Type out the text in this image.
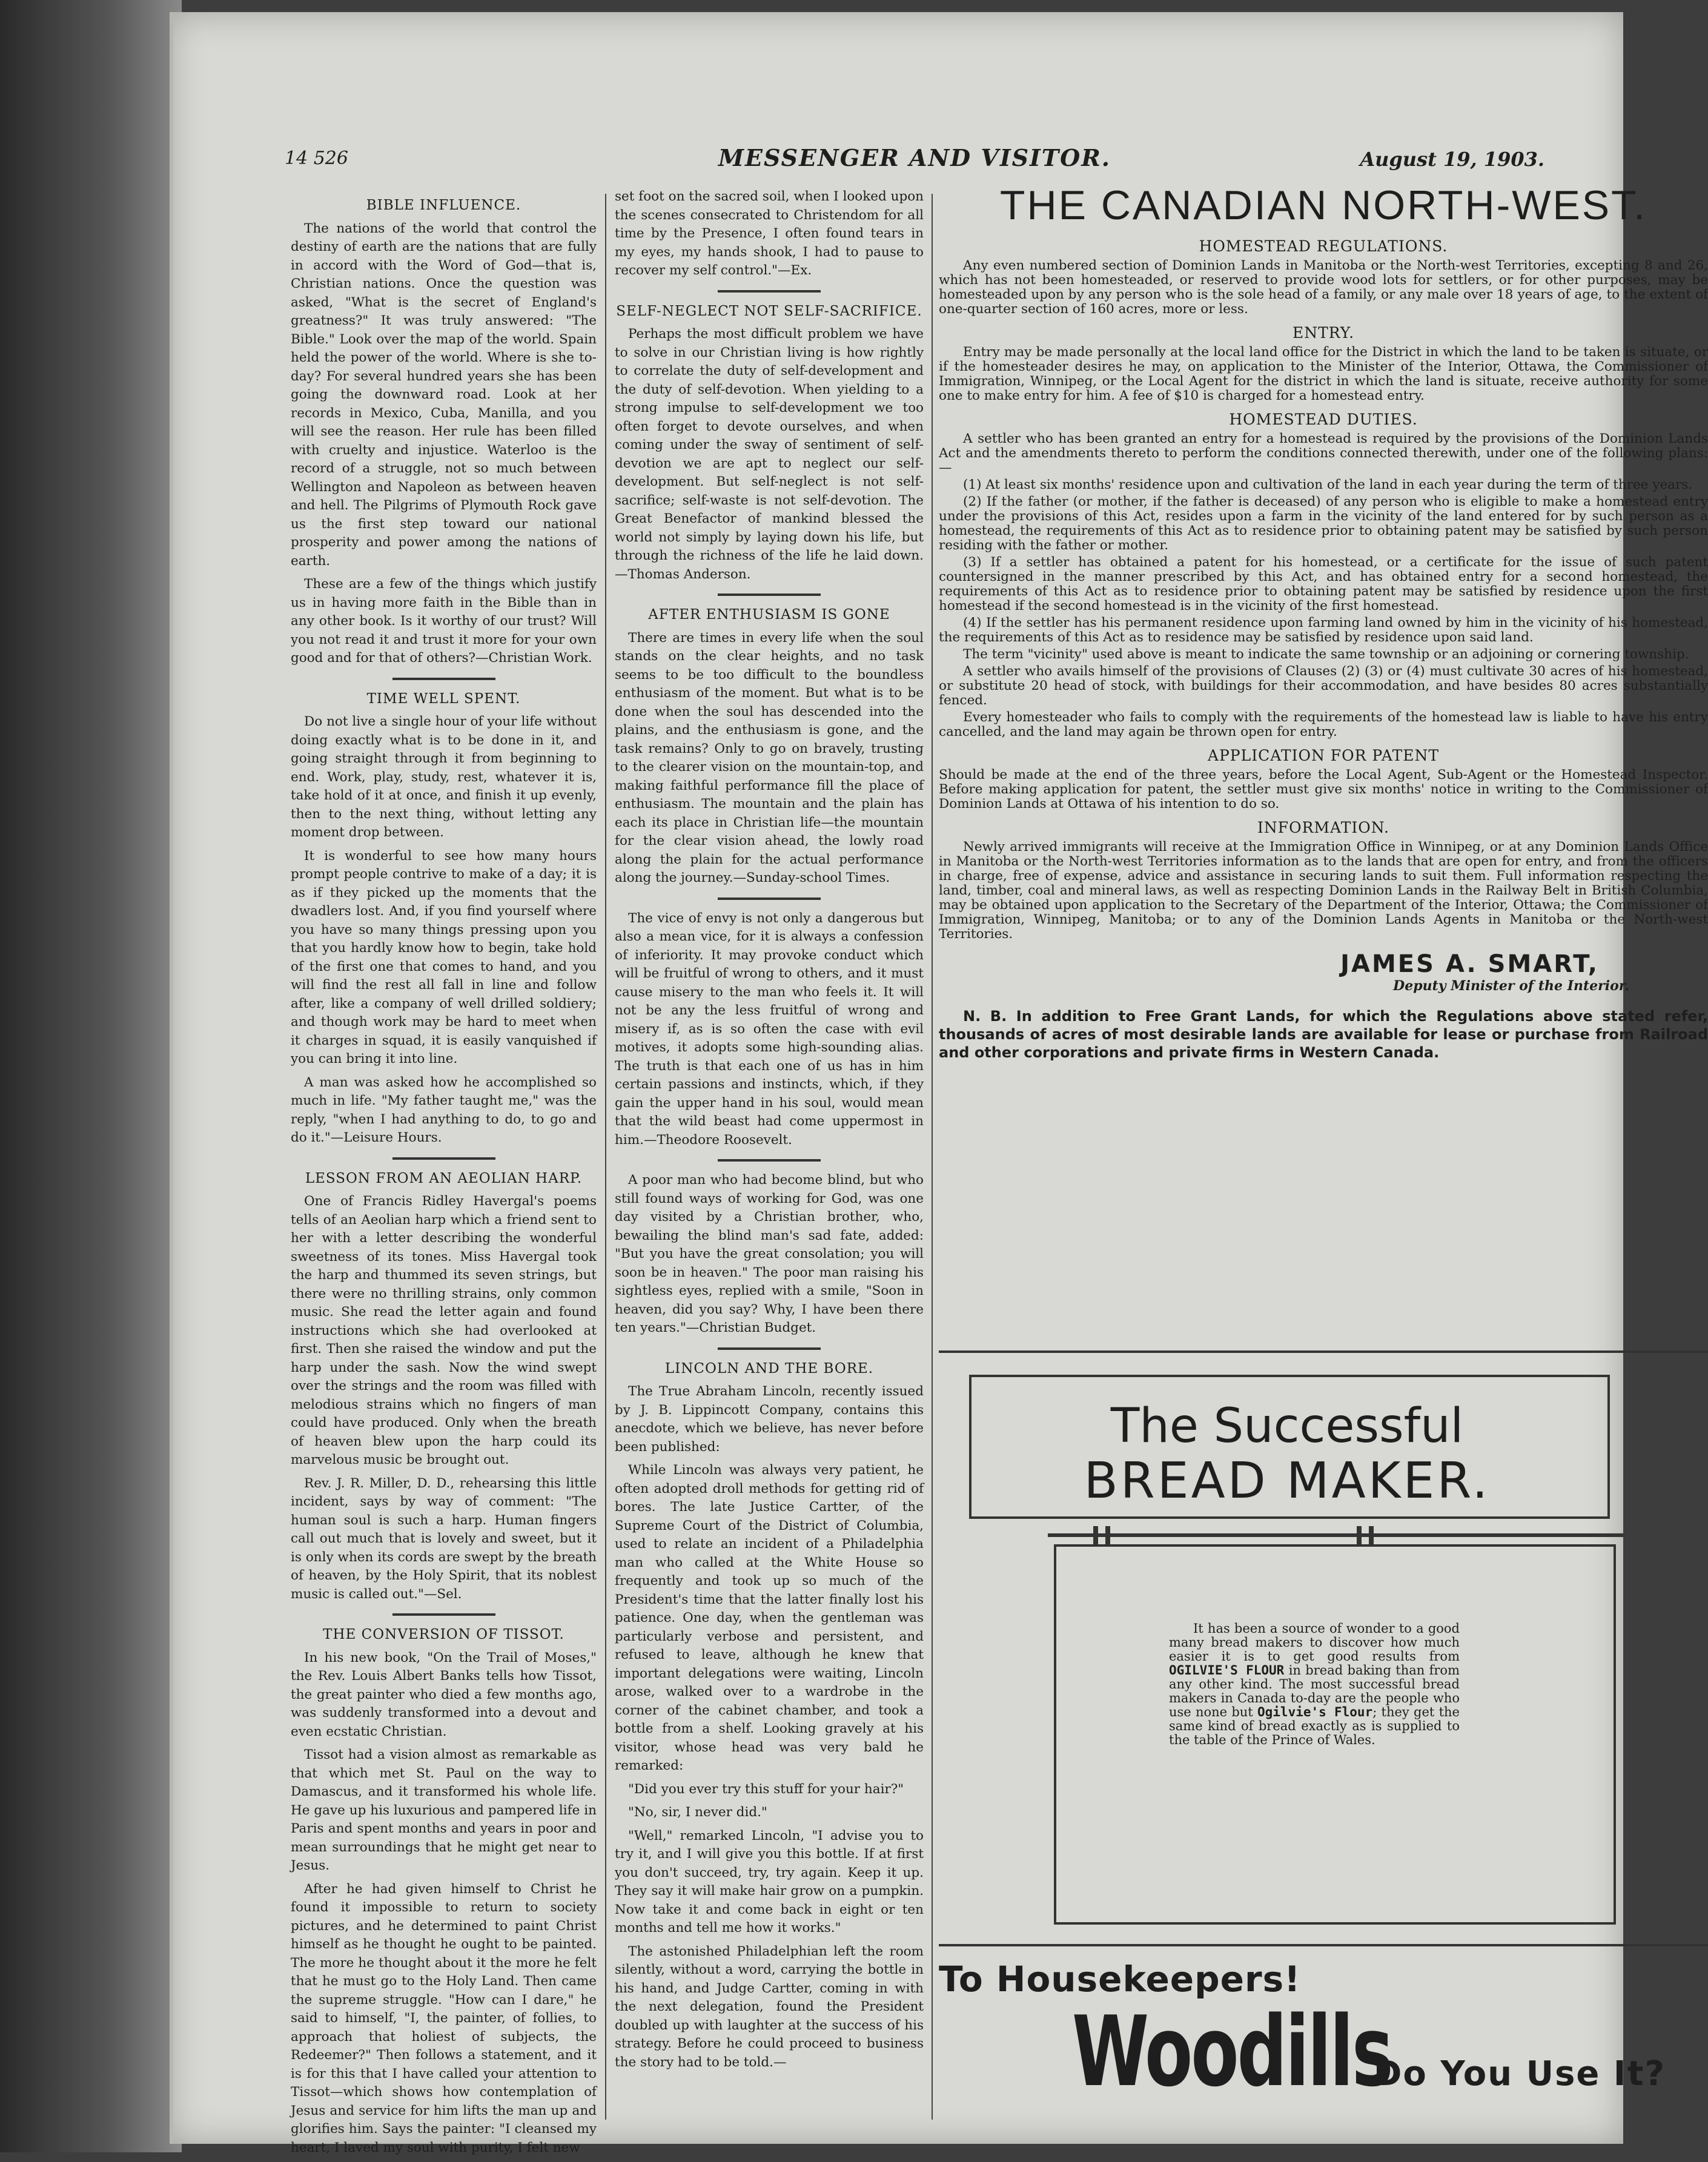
14 526	MESSENGER AND VISITOR.	August 19, 1903.
BIBLE INFLUENCE.

The nations of the world that control the destiny of earth are the nations that are fully in accord with the Word of God—that is, Christian nations. Once the question was asked, "What is the secret of England's greatness?" It was truly answered: "The Bible." Look over the map of the world. Spain held the power of the world. Where is she to-day? For several hundred years she has been going the downward road. Look at her records in Mexico, Cuba, Manilla, and you will see the reason. Her rule has been filled with cruelty and injustice. Waterloo is the record of a struggle, not so much between Wellington and Napoleon as between heaven and hell. The Pilgrims of Plymouth Rock gave us the first step toward our national prosperity and power among the nations of earth.

These are a few of the things which justify us in having more faith in the Bible than in any other book. Is it worthy of our trust? Will you not read it and trust it more for your own good and for that of others?—Christian Work.

TIME WELL SPENT.

Do not live a single hour of your life without doing exactly what is to be done in it, and going straight through it from beginning to end. Work, play, study, rest, whatever it is, take hold of it at once, and finish it up evenly, then to the next thing, without letting any moment drop between.

It is wonderful to see how many hours prompt people contrive to make of a day; it is as if they picked up the moments that the dwadlers lost. And, if you find yourself where you have so many things pressing upon you that you hardly know how to begin, take hold of the first one that comes to hand, and you will find the rest all fall in line and follow after, like a company of well drilled soldiery; and though work may be hard to meet when it charges in squad, it is easily vanquished if you can bring it into line.

A man was asked how he accomplished so much in life. "My father taught me," was the reply, "when I had anything to do, to go and do it."—Leisure Hours.

LESSON FROM AN AEOLIAN HARP.

One of Francis Ridley Havergal's poems tells of an Aeolian harp which a friend sent to her with a letter describing the wonderful sweetness of its tones. Miss Havergal took the harp and thummed its seven strings, but there were no thrilling strains, only common music. She read the letter again and found instructions which she had overlooked at first. Then she raised the window and put the harp under the sash. Now the wind swept over the strings and the room was filled with melodious strains which no fingers of man could have produced. Only when the breath of heaven blew upon the harp could its marvelous music be brought out.

Rev. J. R. Miller, D. D., rehearsing this little incident, says by way of comment: "The human soul is such a harp. Human fingers call out much that is lovely and sweet, but it is only when its cords are swept by the breath of heaven, by the Holy Spirit, that its noblest music is called out."—Sel.

THE CONVERSION OF TISSOT.

In his new book, "On the Trail of Moses," the Rev. Louis Albert Banks tells how Tissot, the great painter who died a few months ago, was suddenly transformed into a devout and even ecstatic Christian.

Tissot had a vision almost as remarkable as that which met St. Paul on the way to Damascus, and it transformed his whole life. He gave up his luxurious and pampered life in Paris and spent months and years in poor and mean surroundings that he might get near to Jesus.

After he had given himself to Christ he found it impossible to return to society pictures, and he determined to paint Christ himself as he thought he ought to be painted. The more he thought about it the more he felt that he must go to the Holy Land. Then came the supreme struggle. "How can I dare," he said to himself, "I, the painter, of follies, to approach that holiest of subjects, the Redeemer?" Then follows a statement, and it is for this that I have called your attention to Tissot—which shows how contemplation of Jesus and service for him lifts the man up and glorifies him. Says the painter: "I cleansed my heart, I laved my soul with purity, I felt new

set foot on the sacred soil, when I looked upon the scenes consecrated to Christendom for all time by the Presence, I often found tears in my eyes, my hands shook, I had to pause to recover my self control."—Ex.

SELF-NEGLECT NOT SELF-SACRIFICE.

Perhaps the most difficult problem we have to solve in our Christian living is how rightly to correlate the duty of self-development and the duty of self-devotion. When yielding to a strong impulse to self-development we too often forget to devote ourselves, and when coming under the sway of sentiment of self-devotion we are apt to neglect our self-development. But self-neglect is not self-sacrifice; self-waste is not self-devotion. The Great Benefactor of mankind blessed the world not simply by laying down his life, but through the richness of the life he laid down.—Thomas Anderson.

AFTER ENTHUSIASM IS GONE

There are times in every life when the soul stands on the clear heights, and no task seems to be too difficult to the boundless enthusiasm of the moment. But what is to be done when the soul has descended into the plains, and the enthusiasm is gone, and the task remains? Only to go on bravely, trusting to the clearer vision on the mountain-top, and making faithful performance fill the place of enthusiasm. The mountain and the plain has each its place in Christian life—the mountain for the clear vision ahead, the lowly road along the plain for the actual performance along the journey.—Sunday-school Times.

The vice of envy is not only a dangerous but also a mean vice, for it is always a confession of inferiority. It may provoke conduct which will be fruitful of wrong to others, and it must cause misery to the man who feels it. It will not be any the less fruitful of wrong and misery if, as is so often the case with evil motives, it adopts some high-sounding alias. The truth is that each one of us has in him certain passions and instincts, which, if they gain the upper hand in his soul, would mean that the wild beast had come uppermost in him.—Theodore Roosevelt.

A poor man who had become blind, but who still found ways of working for God, was one day visited by a Christian brother, who, bewailing the blind man's sad fate, added: "But you have the great consolation; you will soon be in heaven." The poor man raising his sightless eyes, replied with a smile, "Soon in heaven, did you say? Why, I have been there ten years."—Christian Budget.

LINCOLN AND THE BORE.

The True Abraham Lincoln, recently issued by J. B. Lippincott Company, contains this anecdote, which we believe, has never before been published:

While Lincoln was always very patient, he often adopted droll methods for getting rid of bores. The late Justice Cartter, of the Supreme Court of the District of Columbia, used to relate an incident of a Philadelphia man who called at the White House so frequently and took up so much of the President's time that the latter finally lost his patience. One day, when the gentleman was particularly verbose and persistent, and refused to leave, although he knew that important delegations were waiting, Lincoln arose, walked over to a wardrobe in the corner of the cabinet chamber, and took a bottle from a shelf. Looking gravely at his visitor, whose head was very bald he remarked:

"Did you ever try this stuff for your hair?"

"No, sir, I never did."

"Well," remarked Lincoln, "I advise you to try it, and I will give you this bottle. If at first you don't succeed, try, try again. Keep it up. They say it will make hair grow on a pumpkin. Now take it and come back in eight or ten months and tell me how it works."

The astonished Philadelphian left the room silently, without a word, carrying the bottle in his hand, and Judge Cartter, coming in with the next delegation, found the President doubled up with laughter at the success of his strategy. Before he could proceed to business the story had to be told.—

THE CANADIAN NORTH-WEST.
HOMESTEAD REGULATIONS.

Any even numbered section of Dominion Lands in Manitoba or the North-west Territories, excepting 8 and 26, which has not been homesteaded, or reserved to provide wood lots for settlers, or for other purposes, may be homesteaded upon by any person who is the sole head of a family, or any male over 18 years of age, to the extent of one-quarter section of 160 acres, more or less.

ENTRY.

Entry may be made personally at the local land office for the District in which the land to be taken is situate, or if the homesteader desires he may, on application to the Minister of the Interior, Ottawa, the Commissioner of Immigration, Winnipeg, or the Local Agent for the district in which the land is situate, receive authority for some one to make entry for him. A fee of $10 is charged for a homestead entry.

HOMESTEAD DUTIES.

A settler who has been granted an entry for a homestead is required by the provisions of the Dominion Lands Act and the amendments thereto to perform the conditions connected therewith, under one of the following plans:—

(1) At least six months' residence upon and cultivation of the land in each year during the term of three years.

(2) If the father (or mother, if the father is deceased) of any person who is eligible to make a homestead entry under the provisions of this Act, resides upon a farm in the vicinity of the land entered for by such person as a homestead, the requirements of this Act as to residence prior to obtaining patent may be satisfied by such person residing with the father or mother.

(3) If a settler has obtained a patent for his homestead, or a certificate for the issue of such patent countersigned in the manner prescribed by this Act, and has obtained entry for a second homestead, the requirements of this Act as to residence prior to obtaining patent may be satisfied by residence upon the first homestead if the second homestead is in the vicinity of the first homestead.

(4) If the settler has his permanent residence upon farming land owned by him in the vicinity of his homestead, the requirements of this Act as to residence may be satisfied by residence upon said land.

The term "vicinity" used above is meant to indicate the same township or an adjoining or cornering township.

A settler who avails himself of the provisions of Clauses (2) (3) or (4) must cultivate 30 acres of his homestead, or substitute 20 head of stock, with buildings for their accommodation, and have besides 80 acres substantially fenced.

Every homesteader who fails to comply with the requirements of the homestead law is liable to have his entry cancelled, and the land may again be thrown open for entry.

APPLICATION FOR PATENT

Should be made at the end of the three years, before the Local Agent, Sub-Agent or the Homestead Inspector. Before making application for patent, the settler must give six months' notice in writing to the Commissioner of Dominion Lands at Ottawa of his intention to do so.

INFORMATION.

Newly arrived immigrants will receive at the Immigration Office in Winnipeg, or at any Dominion Lands Office in Manitoba or the North-west Territories information as to the lands that are open for entry, and from the officers in charge, free of expense, advice and assistance in securing lands to suit them. Full information respecting the land, timber, coal and mineral laws, as well as respecting Dominion Lands in the Railway Belt in British Columbia, may be obtained upon application to the Secretary of the Department of the Interior, Ottawa; the Commissioner of Immigration, Winnipeg, Manitoba; or to any of the Dominion Lands Agents in Manitoba or the North-west Territories.

JAMES A. SMART,
Deputy Minister of the Interior.

N. B. In addition to Free Grant Lands, for which the Regulations above stated refer, thousands of acres of most desirable lands are available for lease or purchase from Railroad and other corporations and private firms in Western Canada.

The Successful
BREAD MAKER.
It has been a source of wonder to a good many bread makers to discover how much easier it is to get good results from OGILVIE'S FLOUR in bread baking than from any other kind. The most successful bread makers in Canada to-day are the people who use none but Ogilvie's Flour; they get the same kind of bread exactly as is supplied to the table of the Prince of Wales.
To Housekeepers!
Woodills
Do You Use It?
